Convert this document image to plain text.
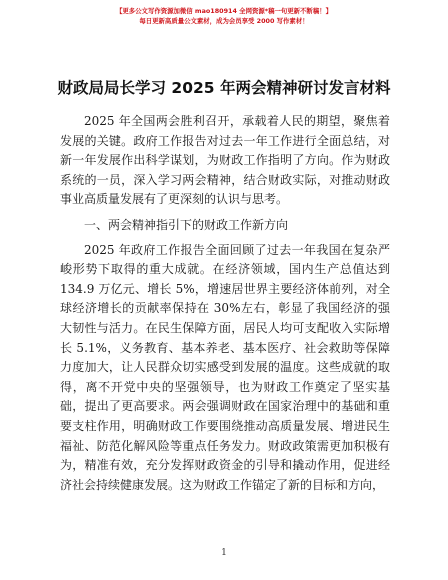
【更多公文写作资源加微信 mao180914 全网资源*稿一句更新不断稿！】
每日更新高质量公文素材，成为会员享受 2000 写作素材！
财政局局长学习 2025 年两会精神研讨发言材料

2025 年全国两会胜利召开，承载着人民的期望，聚焦着发展的关键。政府工作报告对过去一年工作进行全面总结，对新一年发展作出科学谋划，为财政工作指明了方向。作为财政系统的一员，深入学习两会精神，结合财政实际，对推动财政事业高质量发展有了更深刻的认识与思考。

一、两会精神指引下的财政工作新方向

2025 年政府工作报告全面回顾了过去一年我国在复杂严峻形势下取得的重大成就。在经济领域，国内生产总值达到 134.9 万亿元、增长 5%，增速居世界主要经济体前列，对全球经济增长的贡献率保持在 30%左右，彰显了我国经济的强大韧性与活力。在民生保障方面，居民人均可支配收入实际增长 5.1%，义务教育、基本养老、基本医疗、社会救助等保障力度加大，让人民群众切实感受到发展的温度。这些成就的取得，离不开党中央的坚强领导，也为财政工作奠定了坚实基础，提出了更高要求。两会强调财政在国家治理中的基础和重要支柱作用，明确财政工作要围绕推动高质量发展、增进民生福祉、防范化解风险等重点任务发力。财政政策需更加积极有为，精准有效，充分发挥财政资金的引导和撬动作用，促进经济社会持续健康发展。这为财政工作锚定了新的目标和方向，

1
